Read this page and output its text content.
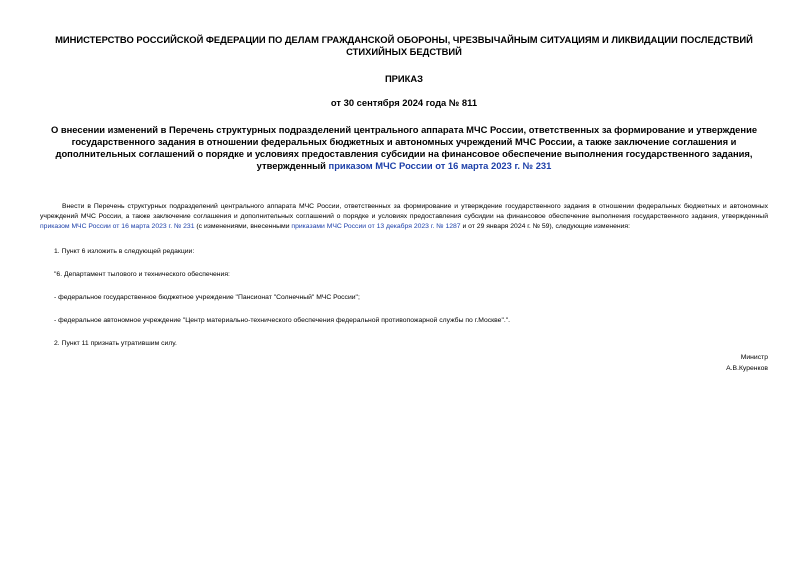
МИНИСТЕРСТВО РОССИЙСКОЙ ФЕДЕРАЦИИ ПО ДЕЛАМ ГРАЖДАНСКОЙ ОБОРОНЫ, ЧРЕЗВЫЧАЙНЫМ СИТУАЦИЯМ И ЛИКВИДАЦИИ ПОСЛЕДСТВИЙ СТИХИЙНЫХ БЕДСТВИЙ

ПРИКАЗ

от 30 сентября 2024 года № 811

О внесении изменений в Перечень структурных подразделений центрального аппарата МЧС России, ответственных за формирование и утверждение государственного задания в отношении федеральных бюджетных и автономных учреждений МЧС России, а также заключение соглашения и дополнительных соглашений о порядке и условиях предоставления субсидии на финансовое обеспечение выполнения государственного задания, утвержденный приказом МЧС России от 16 марта 2023 г. № 231

Внести в Перечень структурных подразделений центрального аппарата МЧС России, ответственных за формирование и утверждение государственного задания в отношении федеральных бюджетных и автономных учреждений МЧС России, а также заключение соглашения и дополнительных соглашений о порядке и условиях предоставления субсидии на финансовое обеспечение выполнения государственного задания, утвержденный приказом МЧС России от 16 марта 2023 г. № 231 (с изменениями, внесенными приказами МЧС России от 13 декабря 2023 г. № 1287 и от 29 января 2024 г. № 59), следующие изменения:

1. Пункт 6 изложить в следующей редакции:

"6. Департамент тылового и технического обеспечения:

- федеральное государственное бюджетное учреждение "Пансионат "Солнечный" МЧС России";

- федеральное автономное учреждение "Центр материально-технического обеспечения федеральной противопожарной службы по г.Москве".".

2. Пункт 11 признать утратившим силу.

Министр
А.В.Куренков
